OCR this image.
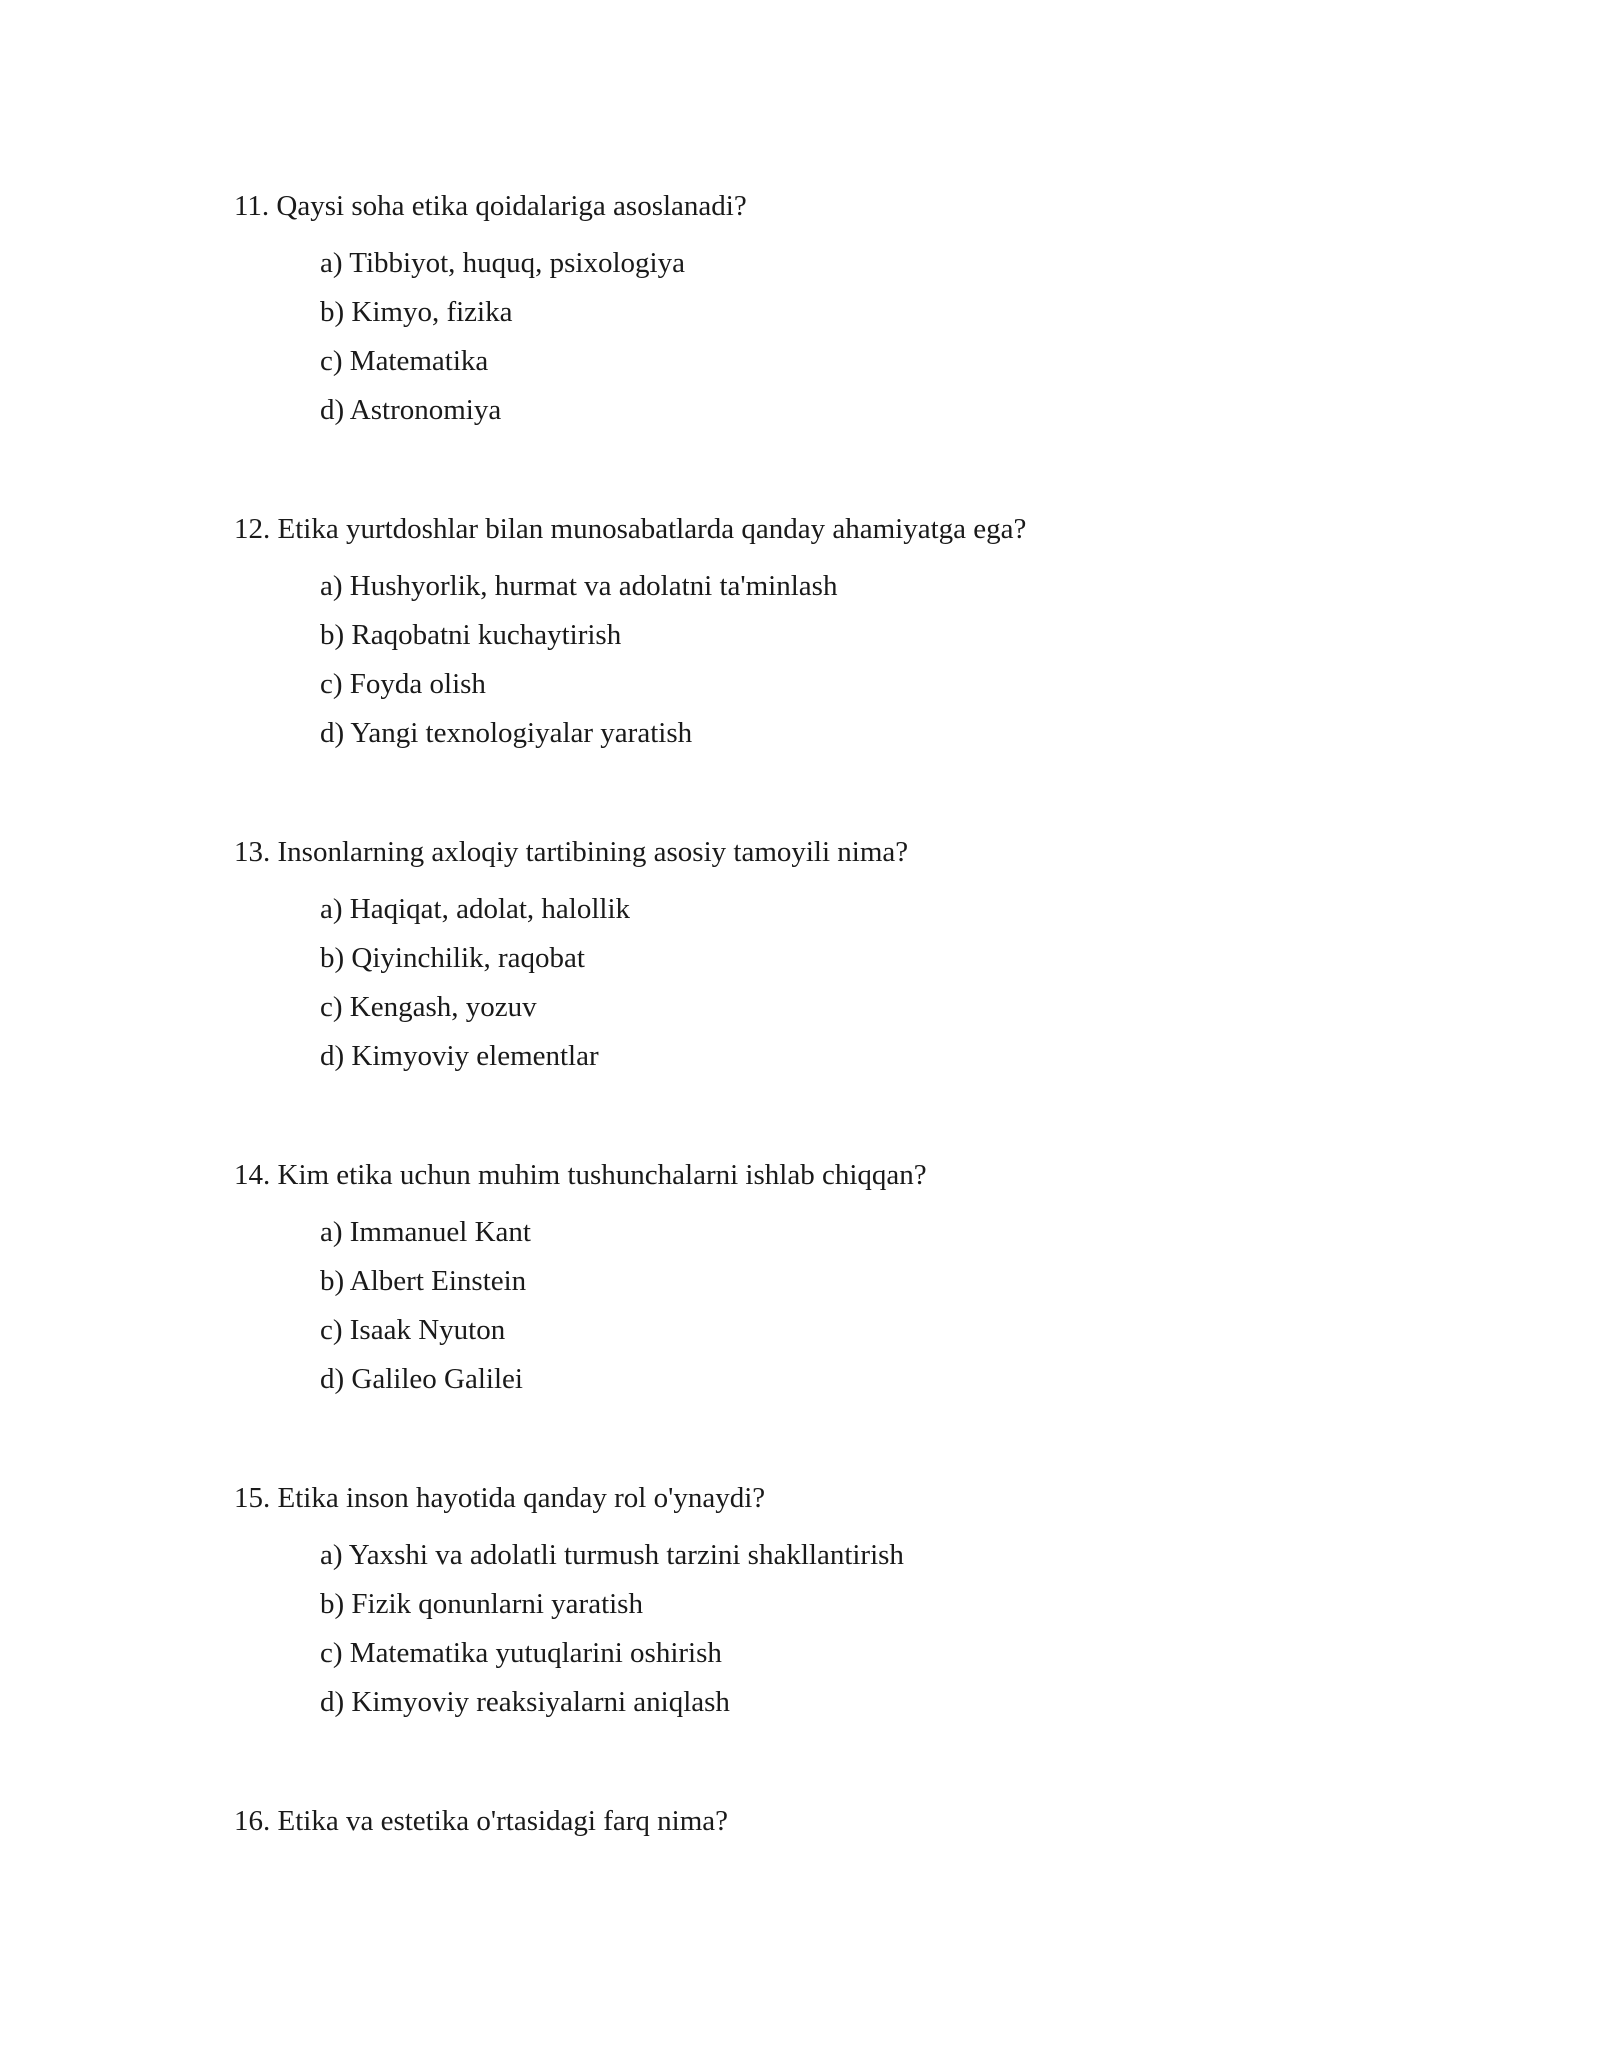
11. Qaysi soha etika qoidalariga asoslanadi?

a) Tibbiyot, huquq, psixologiya
b) Kimyo, fizika
c) Matematika
d) Astronomiya

12. Etika yurtdoshlar bilan munosabatlarda qanday ahamiyatga ega?

a) Hushyorlik, hurmat va adolatni ta'minlash
b) Raqobatni kuchaytirish
c) Foyda olish
d) Yangi texnologiyalar yaratish

13. Insonlarning axloqiy tartibining asosiy tamoyili nima?

a) Haqiqat, adolat, halollik
b) Qiyinchilik, raqobat
c) Kengash, yozuv
d) Kimyoviy elementlar

14. Kim etika uchun muhim tushunchalarni ishlab chiqqan?

a) Immanuel Kant
b) Albert Einstein
c) Isaak Nyuton
d) Galileo Galilei

15. Etika inson hayotida qanday rol o'ynaydi?

a) Yaxshi va adolatli turmush tarzini shakllantirish
b) Fizik qonunlarni yaratish
c) Matematika yutuqlarini oshirish
d) Kimyoviy reaksiyalarni aniqlash

16. Etika va estetika o'rtasidagi farq nima?
